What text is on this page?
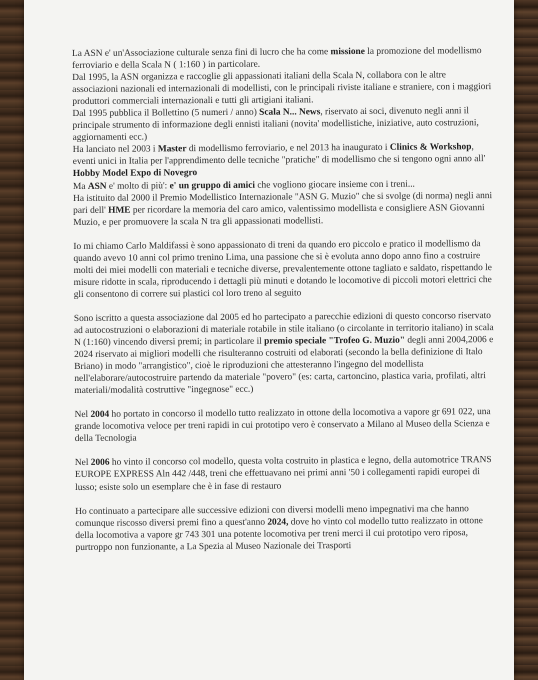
La ASN e' un'Associazione culturale senza fini di lucro che ha come missione la promozione del modellismo ferroviario e della Scala N ( 1:160 ) in particolare.

Dal 1995, la ASN organizza e raccoglie gli appassionati italiani della Scala N, collabora con le altre associazioni nazionali ed internazionali di modellisti, con le principali riviste italiane e straniere, con i maggiori produttori commerciali internazionali e tutti gli artigiani italiani.

Dal 1995 pubblica il Bollettino (5 numeri / anno) Scala N... News, riservato ai soci, divenuto negli anni il principale strumento di informazione degli ennisti italiani (novita' modellistiche, iniziative, auto costruzioni, aggiornamenti ecc.)

Ha lanciato nel 2003 i Master di modellismo ferroviario, e nel 2013 ha inaugurato i Clinics & Workshop, eventi unici in Italia per l'apprendimento delle tecniche "pratiche" di modellismo che si tengono ogni anno all' Hobby Model Expo di Novegro

Ma ASN e' molto di più': e' un gruppo di amici che vogliono giocare insieme con i treni...

Ha istituito dal 2000 il Premio Modellistico Internazionale "ASN G. Muzio" che si svolge (di norma) negli anni pari dell' HME per ricordare la memoria del caro amico, valentissimo modellista e consigliere ASN Giovanni Muzio, e per promuovere la scala N tra gli appassionati modellisti.

Io mi chiamo Carlo Maldifassi è sono appassionato di treni da quando ero piccolo e pratico il modellismo da quando avevo 10 anni col primo trenino Lima, una passione che si è evoluta anno dopo anno fino a costruire molti dei miei modelli con materiali e tecniche diverse, prevalentemente ottone tagliato e saldato, rispettando le misure ridotte in scala, riproducendo i dettagli più minuti e dotando le locomotive di piccoli motori elettrici che gli consentono di correre sui plastici col loro treno al seguito

Sono iscritto a questa associazione dal 2005 ed ho partecipato a parecchie edizioni di questo concorso riservato ad autocostruzioni o elaborazioni di materiale rotabile in stile italiano (o circolante in territorio italiano) in scala N (1:160) vincendo diversi premi; in particolare il premio speciale "Trofeo G. Muzio" degli anni 2004,2006 e 2024 riservato ai migliori modelli che risulteranno costruiti od elaborati (secondo la bella definizione di Italo Briano) in modo "arrangistico", cioè le riproduzioni che attesteranno l'ingegno del modellista nell'elaborare/autocostruire partendo da materiale "povero" (es: carta, cartoncino, plastica varia, profilati, altri materiali/modalità costruttive "ingegnose" ecc.)

Nel 2004 ho portato in concorso il modello tutto realizzato in ottone della locomotiva a vapore gr 691 022, una grande locomotiva veloce per treni rapidi in cui prototipo vero è conservato a Milano al Museo della Scienza e della Tecnologia

Nel 2006 ho vinto il concorso col modello, questa volta costruito in plastica e legno, della automotrice TRANS EUROPE EXPRESS Aln 442 /448, treni che effettuavano nei primi anni '50 i collegamenti rapidi europei di lusso; esiste solo un esemplare che è in fase di restauro

Ho continuato a partecipare alle successive edizioni con diversi modelli meno impegnativi ma che hanno comunque riscosso diversi premi fino a quest'anno 2024, dove ho vinto col modello tutto realizzato in ottone della locomotiva a vapore gr 743 301 una potente locomotiva per treni merci il cui prototipo vero riposa, purtroppo non funzionante, a La Spezia al Museo Nazionale dei Trasporti
